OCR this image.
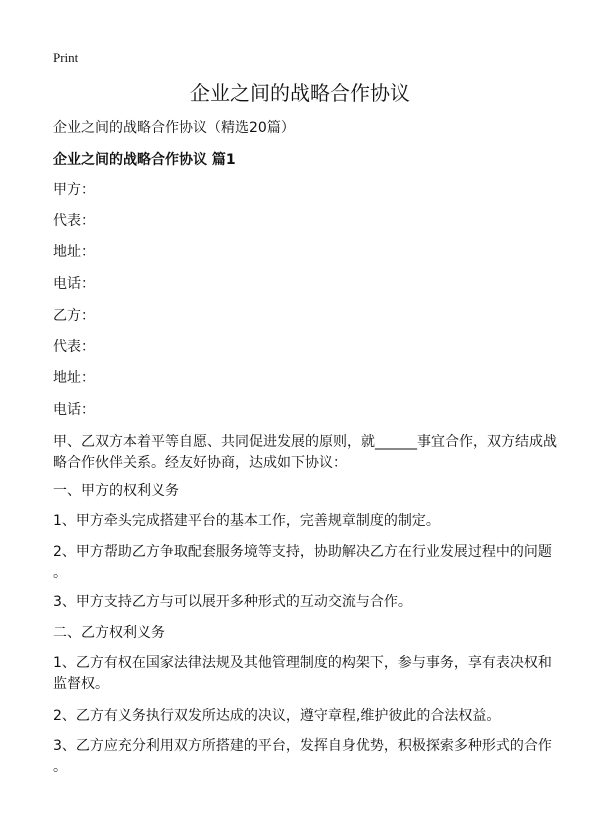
Print
企业之间的战略合作协议
企业之间的战略合作协议（精选20篇）
企业之间的战略合作协议 篇1
甲方：
代表：
地址：
电话：
乙方：
代表：
地址：
电话：
甲、乙双方本着平等自愿、共同促进发展的原则，就______事宜合作，双方结成战
略合作伙伴关系。经友好协商，达成如下协议：
一、甲方的权利义务
1、甲方牵头完成搭建平台的基本工作，完善规章制度的制定。
2、甲方帮助乙方争取配套服务境等支持，协助解决乙方在行业发展过程中的问题
。
3、甲方支持乙方与可以展开多种形式的互动交流与合作。
二、乙方权利义务
1、乙方有权在国家法律法规及其他管理制度的构架下，参与事务，享有表决权和
监督权。
2、乙方有义务执行双发所达成的决议，遵守章程,维护彼此的合法权益。
3、乙方应充分利用双方所搭建的平台，发挥自身优势，积极探索多种形式的合作
。
